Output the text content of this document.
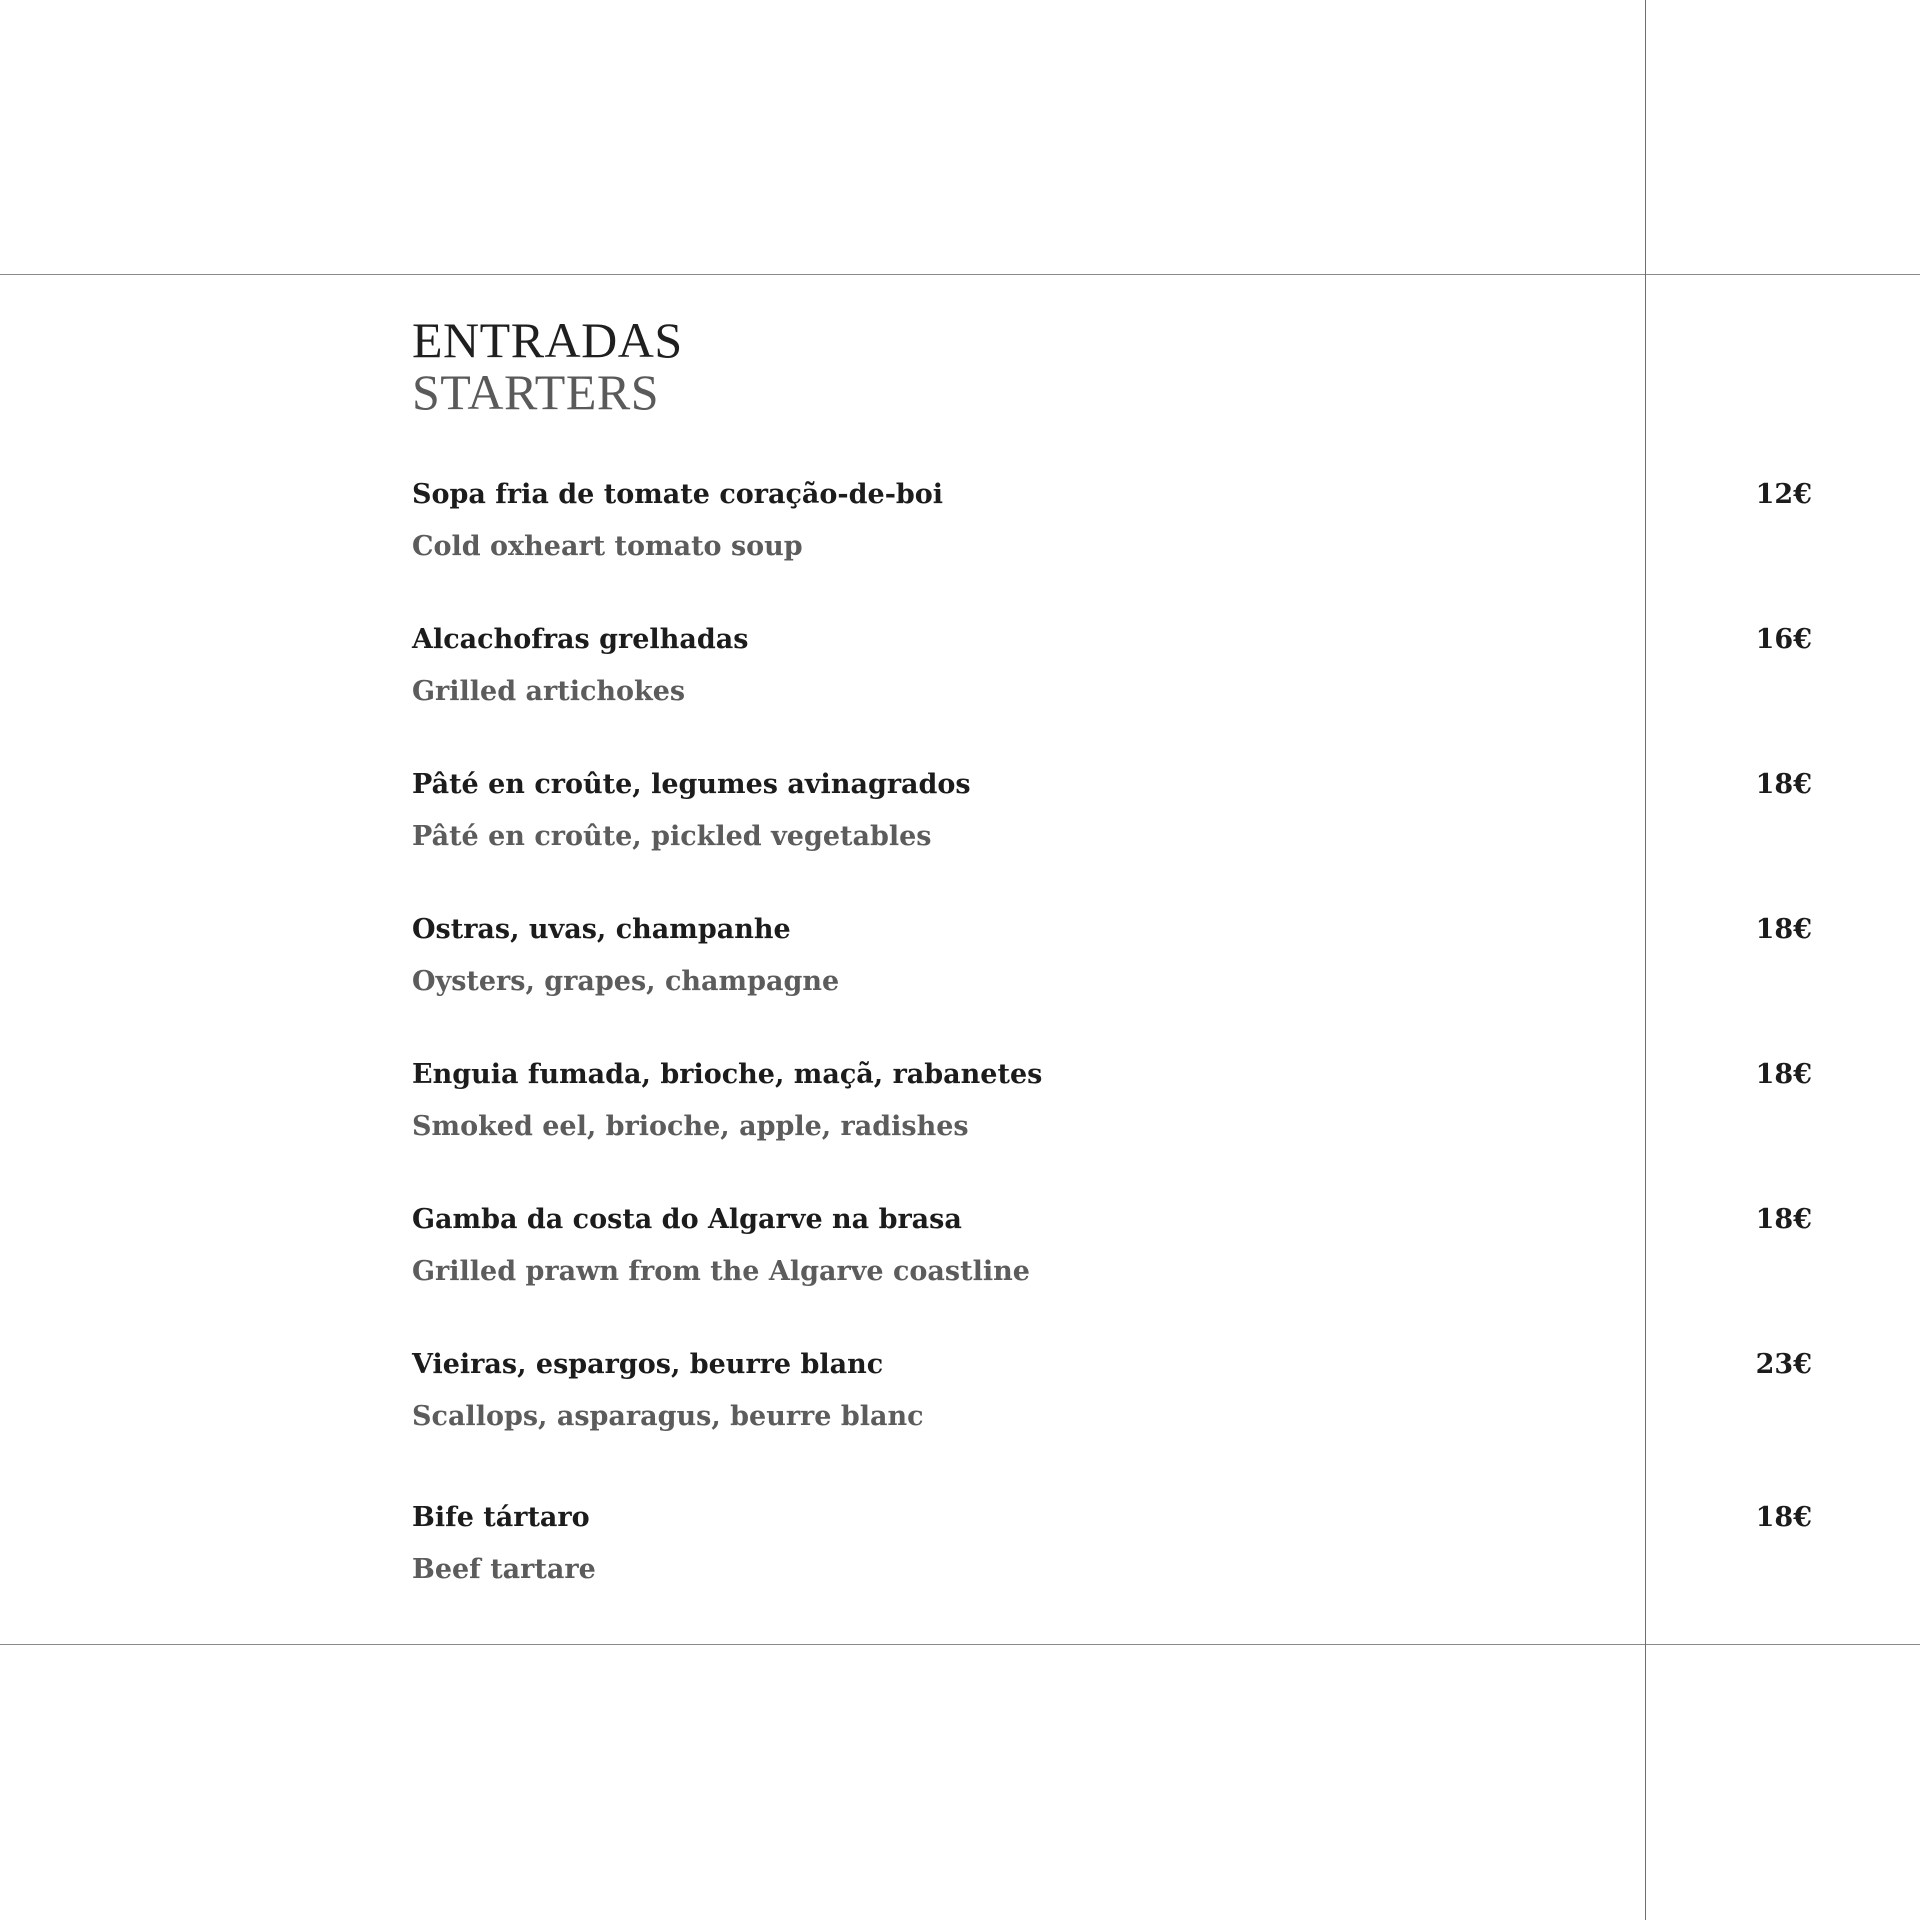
ENTRADAS
STARTERS
Sopa fria de tomate coração-de-boi
Cold oxheart tomato soup
12€
Alcachofras grelhadas
Grilled artichokes
16€
Pâté en croûte, legumes avinagrados
Pâté en croûte, pickled vegetables
18€
Ostras, uvas, champanhe
Oysters, grapes, champagne
18€
Enguia fumada, brioche, maçã, rabanetes
Smoked eel, brioche, apple, radishes
18€
Gamba da costa do Algarve na brasa
Grilled prawn from the Algarve coastline
18€
Vieiras, espargos, beurre blanc
Scallops, asparagus, beurre blanc
23€
Bife tártaro
Beef tartare
18€
